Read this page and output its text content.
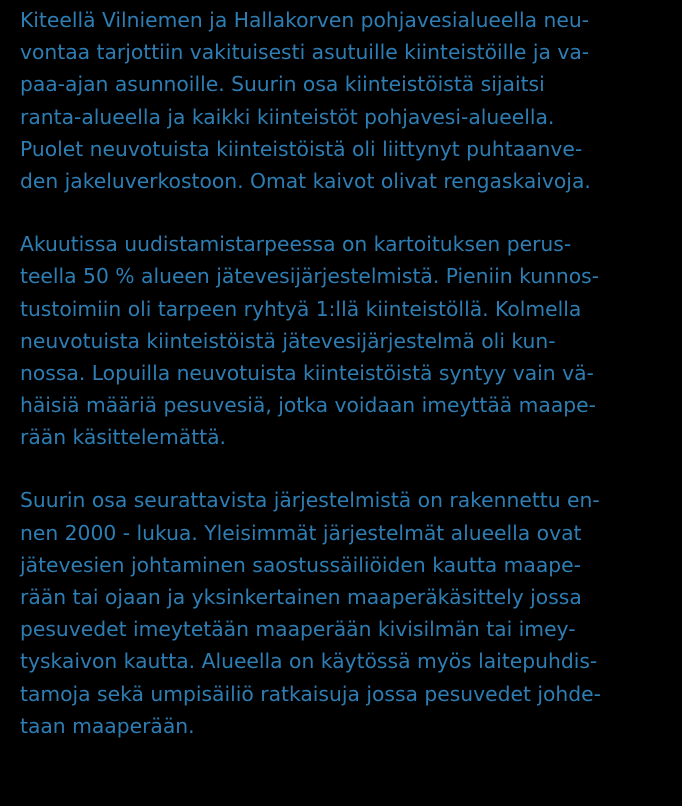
Kiteellä Vilniemen ja Hallakorven pohjavesialueella neu-
vontaa tarjottiin vakituisesti asutuille kiinteistöille ja va-
paa-ajan asunnoille. Suurin osa kiinteistöistä sijaitsi
ranta-alueella ja kaikki kiinteistöt pohjavesi-alueella.
Puolet neuvotuista kiinteistöistä oli liittynyt puhtaanve-
den jakeluverkostoon. Omat kaivot olivat rengaskaivoja.

Akuutissa uudistamistarpeessa on kartoituksen perus-
teella 50 % alueen jätevesijärjestelmistä. Pieniin kunnos-
tustoimiin oli tarpeen ryhtyä 1:llä kiinteistöllä. Kolmella
neuvotuista kiinteistöistä jätevesijärjestelmä oli kun-
nossa. Lopuilla neuvotuista kiinteistöistä syntyy vain vä-
häisiä määriä pesuvesiä, jotka voidaan imeyttää maape-
rään käsittelemättä.

Suurin osa seurattavista järjestelmistä on rakennettu en-
nen 2000 - lukua. Yleisimmät järjestelmät alueella ovat
jätevesien johtaminen saostussäiliöiden kautta maape-
rään tai ojaan ja yksinkertainen maaperäkäsittely jossa
pesuvedet imeytetään maaperään kivisilmän tai imey-
tyskaivon kautta. Alueella on käytössä myös laitepuhdis-
tamoja sekä umpisäiliö ratkaisuja jossa pesuvedet johde-
taan maaperään.
